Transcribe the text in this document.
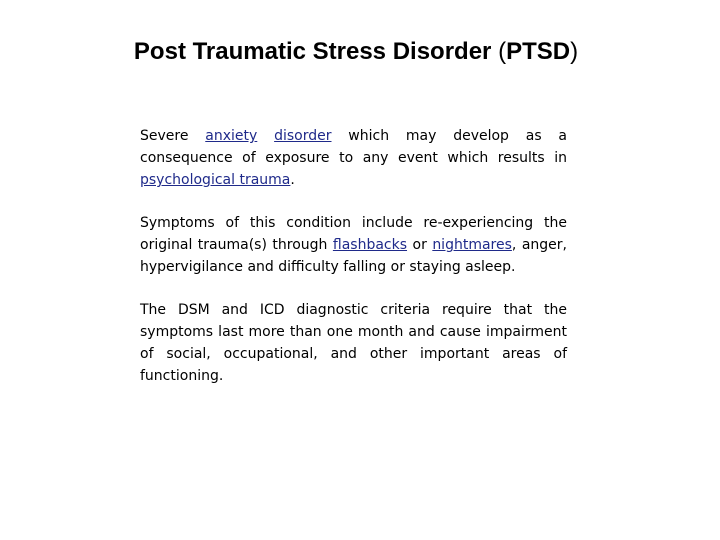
Post Traumatic Stress Disorder (PTSD)

Severe anxiety disorder which may develop as a consequence of exposure to any event which results in psychological trauma.

Symptoms of this condition include re-experiencing the original trauma(s) through flashbacks or nightmares, anger, hypervigilance and difficulty falling or staying asleep.

The DSM and ICD diagnostic criteria require that the symptoms last more than one month and cause impairment of social, occupational, and other important areas of functioning.
